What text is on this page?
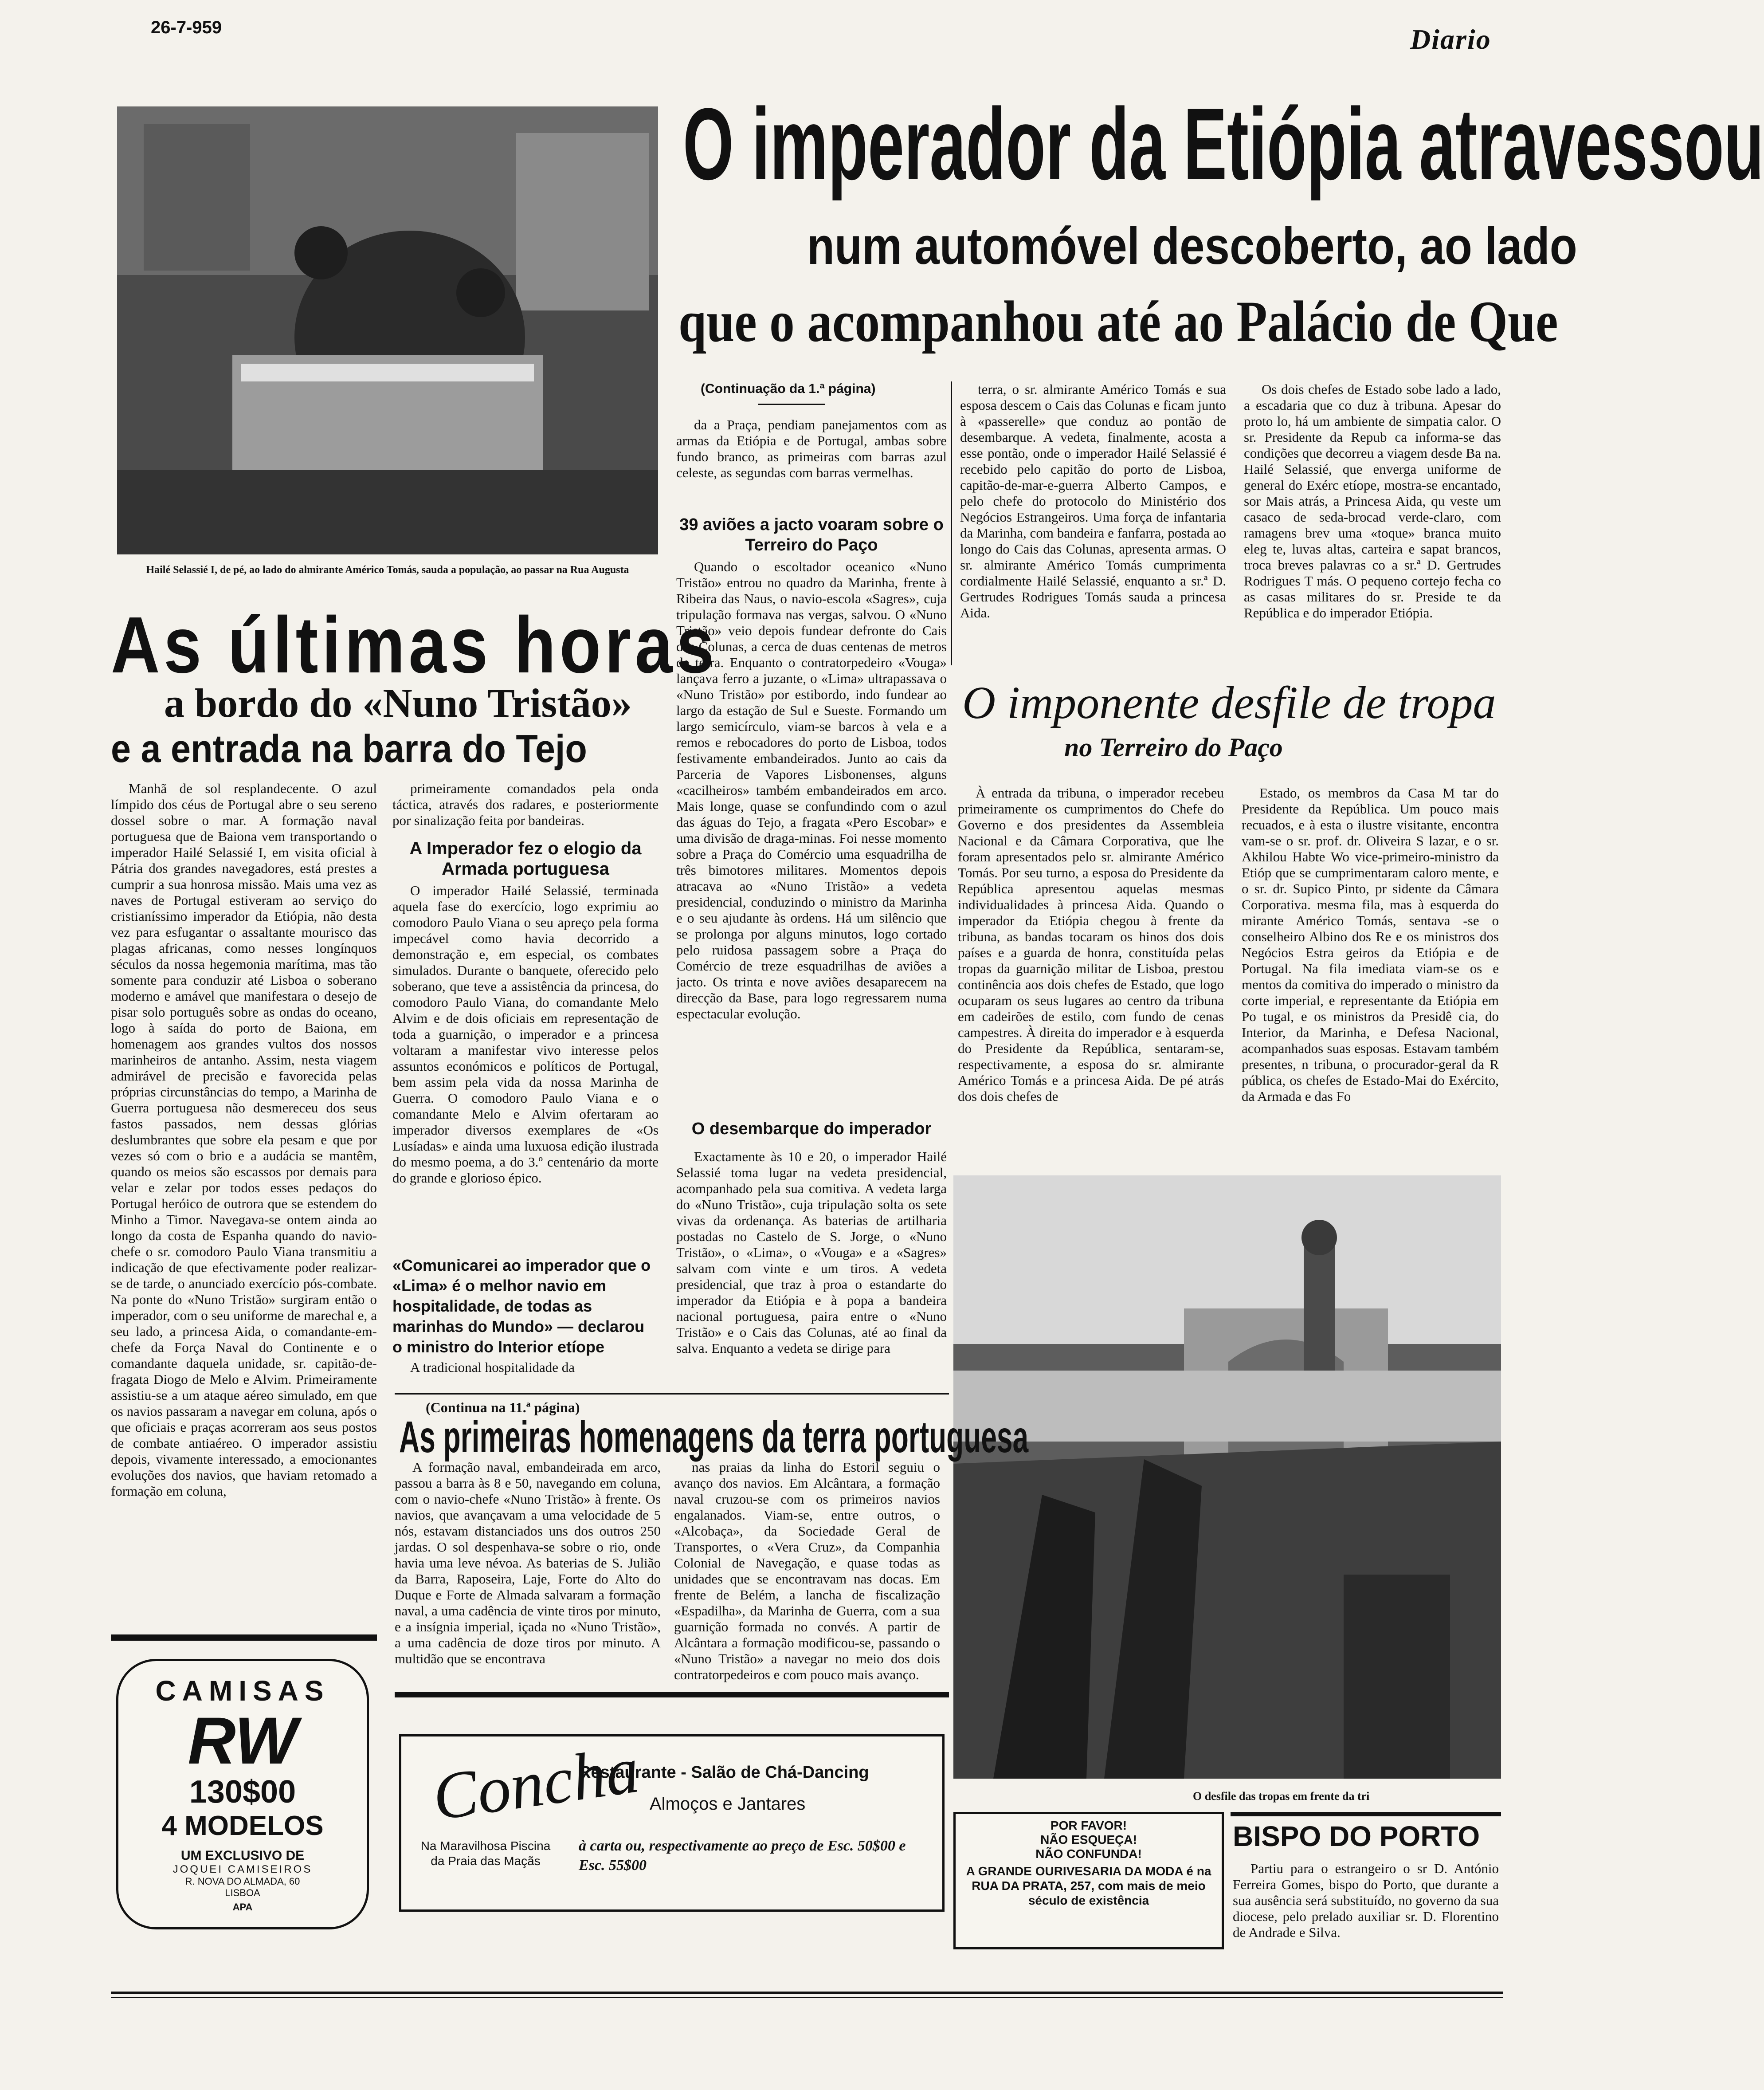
26-7-959	Diario
Hailé Selassié I, de pé, ao lado do almirante Américo Tomás, sauda a população, ao passar na Rua Augusta
O imperador da Etiópia atravessou
num automóvel descoberto, ao lado
que o acompanhou até ao Palácio de Que
As últimas horas
a bordo do «Nuno Tristão»
e a entrada na barra do Tejo

Manhã de sol resplandecente. O azul límpido dos céus de Portugal abre o seu sereno dossel sobre o mar. A formação naval portuguesa que de Baiona vem transportando o imperador Hailé Selassié I, em visita oficial à Pátria dos grandes navegadores, está prestes a cumprir a sua honrosa missão. Mais uma vez as naves de Portugal estiveram ao serviço do cristianíssimo imperador da Etiópia, não desta vez para esfugantar o assaltante mourisco das plagas africanas, como nesses longínquos séculos da nossa hegemonia marítima, mas tão somente para conduzir até Lisboa o soberano moderno e amável que manifestara o desejo de pisar solo português sobre as ondas do oceano, logo à saída do porto de Baiona, em homenagem aos grandes vultos dos nossos marinheiros de antanho. Assim, nesta viagem admirável de precisão e favorecida pelas próprias circunstâncias do tempo, a Marinha de Guerra portuguesa não desmereceu dos seus fastos passados, nem dessas glórias deslumbrantes que sobre ela pesam e que por vezes só com o brio e a audácia se mantêm, quando os meios são escassos por demais para velar e zelar por todos esses pedaços do Portugal heróico de outrora que se estendem do Minho a Timor. Navegava-se ontem ainda ao longo da costa de Espanha quando do navio-chefe o sr. comodoro Paulo Viana transmitiu a indicação de que efectivamente poder realizar-se de tarde, o anunciado exercício pós-combate. Na ponte do «Nuno Tristão» surgiram então o imperador, com o seu uniforme de marechal e, a seu lado, a princesa Aida, o comandante-em-chefe da Força Naval do Continente e o comandante daquela unidade, sr. capitão-de-fragata Diogo de Melo e Alvim. Primeiramente assistiu-se a um ataque aéreo simulado, em que os navios passaram a navegar em coluna, após o que oficiais e praças acorreram aos seus postos de combate antiaéreo. O imperador assistiu depois, vivamente interessado, a emocionantes evoluções dos navios, que haviam retomado a formação em coluna,

primeiramente comandados pela onda táctica, através dos radares, e posteriormente por sinalização feita por bandeiras.

A Imperador fez o elogio da Armada portuguesa

O imperador Hailé Selassié, terminada aquela fase do exercício, logo exprimiu ao comodoro Paulo Viana o seu apreço pela forma impecável como havia decorrido a demonstração e, em especial, os combates simulados. Durante o banquete, oferecido pelo soberano, que teve a assistência da princesa, do comodoro Paulo Viana, do comandante Melo Alvim e de dois oficiais em representação de toda a guarnição, o imperador e a princesa voltaram a manifestar vivo interesse pelos assuntos económicos e políticos de Portugal, bem assim pela vida da nossa Marinha de Guerra. O comodoro Paulo Viana e o comandante Melo e Alvim ofertaram ao imperador diversos exemplares de «Os Lusíadas» e ainda uma luxuosa edição ilustrada do mesmo poema, a do 3.º centenário da morte do grande e glorioso épico.

«Comunicarei ao imperador que o «Lima» é o melhor navio em hospitalidade, de todas as marinhas do Mundo» — declarou o ministro do Interior etíope

A tradicional hospitalidade da

(Continua na 11.ª página)
(Continuação da 1.ª página)

da a Praça, pendiam panejamentos com as armas da Etiópia e de Portugal, ambas sobre fundo branco, as primeiras com barras azul celeste, as segundas com barras vermelhas.

39 aviões a jacto voaram sobre o Terreiro do Paço

Quando o escoltador oceanico «Nuno Tristão» entrou no quadro da Marinha, frente à Ribeira das Naus, o navio-escola «Sagres», cuja tripulação formava nas vergas, salvou. O «Nuno Tristão» veio depois fundear defronte do Cais das Colunas, a cerca de duas centenas de metros de terra. Enquanto o contratorpedeiro «Vouga» lançava ferro a juzante, o «Lima» ultrapassava o «Nuno Tristão» por estibordo, indo fundear ao largo da estação de Sul e Sueste. Formando um largo semicírculo, viam-se barcos à vela e a remos e rebocadores do porto de Lisboa, todos festivamente embandeirados. Junto ao cais da Parceria de Vapores Lisbonenses, alguns «cacilheiros» também embandeirados em arco. Mais longe, quase se confundindo com o azul das águas do Tejo, a fragata «Pero Escobar» e uma divisão de draga-minas. Foi nesse momento sobre a Praça do Comércio uma esquadrilha de três bimotores militares. Momentos depois atracava ao «Nuno Tristão» a vedeta presidencial, conduzindo o ministro da Marinha e o seu ajudante às ordens. Há um silêncio que se prolonga por alguns minutos, logo cortado pelo ruidosa passagem sobre a Praça do Comércio de treze esquadrilhas de aviões a jacto. Os trinta e nove aviões desaparecem na direcção da Base, para logo regressarem numa espectacular evolução.

O desembarque do imperador

Exactamente às 10 e 20, o imperador Hailé Selassié toma lugar na vedeta presidencial, acompanhado pela sua comitiva. A vedeta larga do «Nuno Tristão», cuja tripulação solta os sete vivas da ordenança. As baterias de artilharia postadas no Castelo de S. Jorge, o «Nuno Tristão», o «Lima», o «Vouga» e a «Sagres» salvam com vinte e um tiros. A vedeta presidencial, que traz à proa o estandarte do imperador da Etiópia e à popa a bandeira nacional portuguesa, paira entre o «Nuno Tristão» e o Cais das Colunas, até ao final da salva. Enquanto a vedeta se dirige para

terra, o sr. almirante Américo Tomás e sua esposa descem o Cais das Colunas e ficam junto à «passerelle» que conduz ao pontão de desembarque. A vedeta, finalmente, acosta a esse pontão, onde o imperador Hailé Selassié é recebido pelo capitão do porto de Lisboa, capitão-de-mar-e-guerra Alberto Campos, e pelo chefe do protocolo do Ministério dos Negócios Estrangeiros. Uma força de infantaria da Marinha, com bandeira e fanfarra, postada ao longo do Cais das Colunas, apresenta armas. O sr. almirante Américo Tomás cumprimenta cordialmente Hailé Selassié, enquanto a sr.ª D. Gertrudes Rodrigues Tomás sauda a princesa Aida.

Os dois chefes de Estado sobe lado a lado, a escadaria que co duz à tribuna. Apesar do proto lo, há um ambiente de simpatia calor. O sr. Presidente da Repub ca informa-se das condições que decorreu a viagem desde Ba na. Hailé Selassié, que enverga uniforme de general do Exérc etíope, mostra-se encantado, sor Mais atrás, a Princesa Aida, qu veste um casaco de seda-brocad verde-claro, com ramagens brev uma «toque» branca muito eleg te, luvas altas, carteira e sapat brancos, troca breves palavras co a sr.ª D. Gertrudes Rodrigues T más. O pequeno cortejo fecha co as casas militares do sr. Preside te da República e do imperador Etiópia.

O imponente desfile de tropa
no Terreiro do Paço

À entrada da tribuna, o imperador recebeu primeiramente os cumprimentos do Chefe do Governo e dos presidentes da Assembleia Nacional e da Câmara Corporativa, que lhe foram apresentados pelo sr. almirante Américo Tomás. Por seu turno, a esposa do Presidente da República apresentou aquelas mesmas individualidades à princesa Aida. Quando o imperador da Etiópia chegou à frente da tribuna, as bandas tocaram os hinos dos dois países e a guarda de honra, constituída pelas tropas da guarnição militar de Lisboa, prestou continência aos dois chefes de Estado, que logo ocuparam os seus lugares ao centro da tribuna em cadeirões de estilo, com fundo de cenas campestres. À direita do imperador e à esquerda do Presidente da República, sentaram-se, respectivamente, a esposa do sr. almirante Américo Tomás e a princesa Aida. De pé atrás dos dois chefes de

Estado, os membros da Casa M tar do Presidente da República. Um pouco mais recuados, e à esta o ilustre visitante, encontra vam-se o sr. prof. dr. Oliveira S lazar, e o sr. Akhilou Habte Wo vice-primeiro-ministro da Etióp que se cumprimentaram caloro mente, e o sr. dr. Supico Pinto, pr sidente da Câmara Corporativa. mesma fila, mas à esquerda do mirante Américo Tomás, sentava -se o conselheiro Albino dos Re e os ministros dos Negócios Estra geiros da Etiópia e de Portugal. Na fila imediata viam-se os e mentos da comitiva do imperado o ministro da corte imperial, e representante da Etiópia em Po tugal, e os ministros da Presidê cia, do Interior, da Marinha, e Defesa Nacional, acompanhados suas esposas. Estavam também presentes, n tribuna, o procurador-geral da R pública, os chefes de Estado-Mai do Exército, da Armada e das Fo

O desfile das tropas em frente da tri
As primeiras homenagens da terra portuguesa

A formação naval, embandeirada em arco, passou a barra às 8 e 50, navegando em coluna, com o navio-chefe «Nuno Tristão» à frente. Os navios, que avançavam a uma velocidade de 5 nós, estavam distanciados uns dos outros 250 jardas. O sol despenhava-se sobre o rio, onde havia uma leve névoa. As baterias de S. Julião da Barra, Raposeira, Laje, Forte do Alto do Duque e Forte de Almada salvaram a formação naval, a uma cadência de vinte tiros por minuto, e a insígnia imperial, içada no «Nuno Tristão», a uma cadência de doze tiros por minuto. A multidão que se encontrava

nas praias da linha do Estoril seguiu o avanço dos navios. Em Alcântara, a formação naval cruzou-se com os primeiros navios engalanados. Viam-se, entre outros, o «Alcobaça», da Sociedade Geral de Transportes, o «Vera Cruz», da Companhia Colonial de Navegação, e quase todas as unidades que se encontravam nas docas. Em frente de Belém, a lancha de fiscalização «Espadilha», da Marinha de Guerra, com a sua guarnição formada no convés. A partir de Alcântara a formação modificou-se, passando o «Nuno Tristão» a navegar no meio dos dois contratorpedeiros e com pouco mais avanço.

CAMISAS
RW
130$00
4 MODELOS
UM EXCLUSIVO DE
JOQUEI CAMISEIROS
R. NOVA DO ALMADA, 60
LISBOA
APA
Concha
Restaurante - Salão de Chá-Dancing
Almoços e Jantares
Na Maravilhosa Piscina da Praia das Maçãs
à carta ou, respectivamente ao preço de Esc. 50$00 e Esc. 55$00
POR FAVOR!
NÃO ESQUEÇA!
NÃO CONFUNDA!
A GRANDE OURIVESARIA DA MODA é na RUA DA PRATA, 257, com mais de meio século de existência
BISPO DO PORTO

Partiu para o estrangeiro o sr D. António Ferreira Gomes, bispo do Porto, que durante a sua ausência será substituído, no governo da sua diocese, pelo prelado auxiliar sr. D. Florentino de Andrade e Silva.
